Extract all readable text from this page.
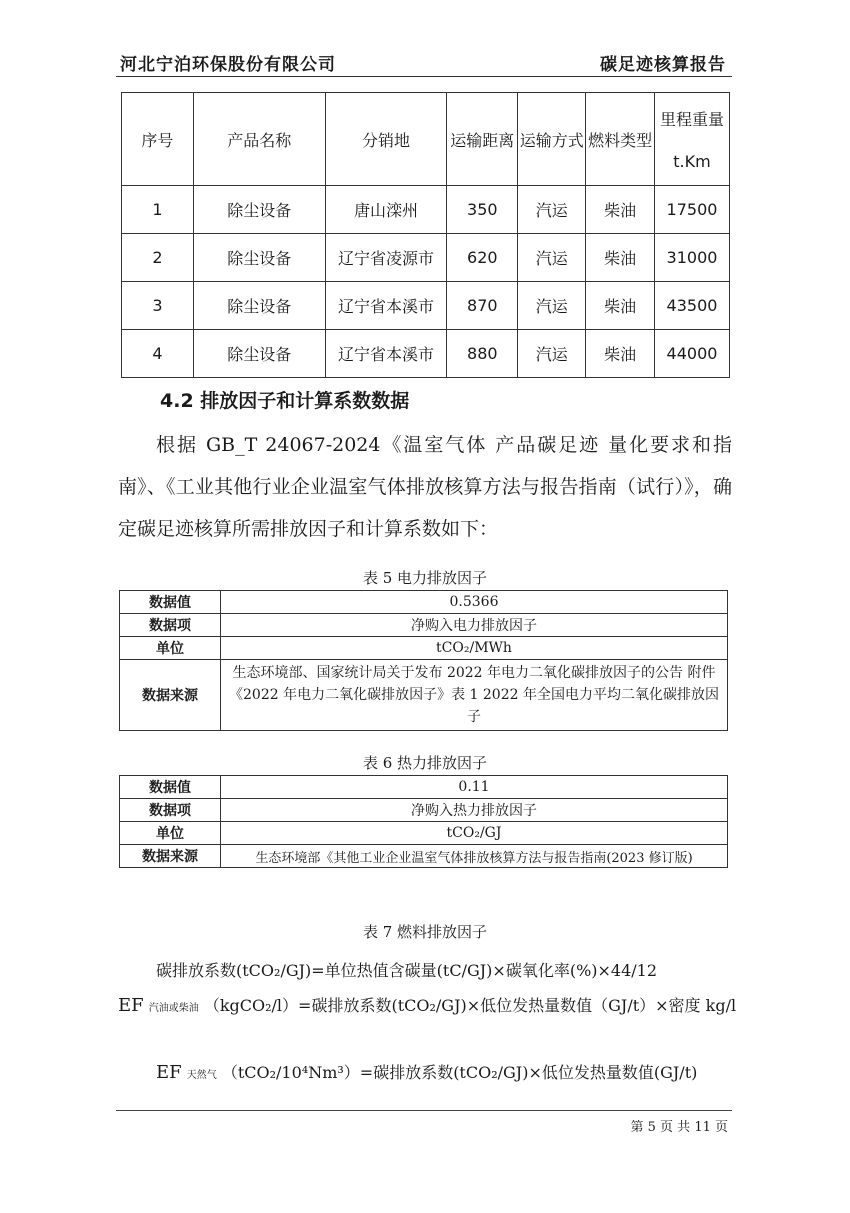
河北宁泊环保股份有限公司	碳足迹核算报告
序号	产品名称	分销地	运输距离	运输方式	燃料类型	里程重量
t.Km

1	除尘设备	唐山滦州	350	汽运	柴油	17500
2	除尘设备	辽宁省凌源市	620	汽运	柴油	31000
3	除尘设备	辽宁省本溪市	870	汽运	柴油	43500
4	除尘设备	辽宁省本溪市	880	汽运	柴油	44000
4.2 排放因子和计算系数数据
根据 GB_T 24067-2024《温室气体 产品碳足迹 量化要求和指南》、《工业其他行业企业温室气体排放核算方法与报告指南（试行）》，确定碳足迹核算所需排放因子和计算系数如下：
表 5 电力排放因子
数据值	0.5366
数据项	净购入电力排放因子
单位	tCO₂/MWh
数据来源	生态环境部、国家统计局关于发布 2022 年电力二氧化碳排放因子的公告 附件《2022 年电力二氧化碳排放因子》表 1 2022 年全国电力平均二氧化碳排放因子
表 6 热力排放因子
数据值	0.11
数据项	净购入热力排放因子
单位	tCO₂/GJ
数据来源	生态环境部《其他工业企业温室气体排放核算方法与报告指南(2023 修订版)
表 7 燃料排放因子
碳排放系数(tCO₂/GJ)=单位热值含碳量(tC/GJ)×碳氧化率(%)×44/12
EF 汽油或柴油 （kgCO₂/l）=碳排放系数(tCO₂/GJ)×低位发热量数值（GJ/t）×密度 kg/l
EF 天然气 （tCO₂/10⁴Nm³）=碳排放系数(tCO₂/GJ)×低位发热量数值(GJ/t)
第 5 页 共 11 页
